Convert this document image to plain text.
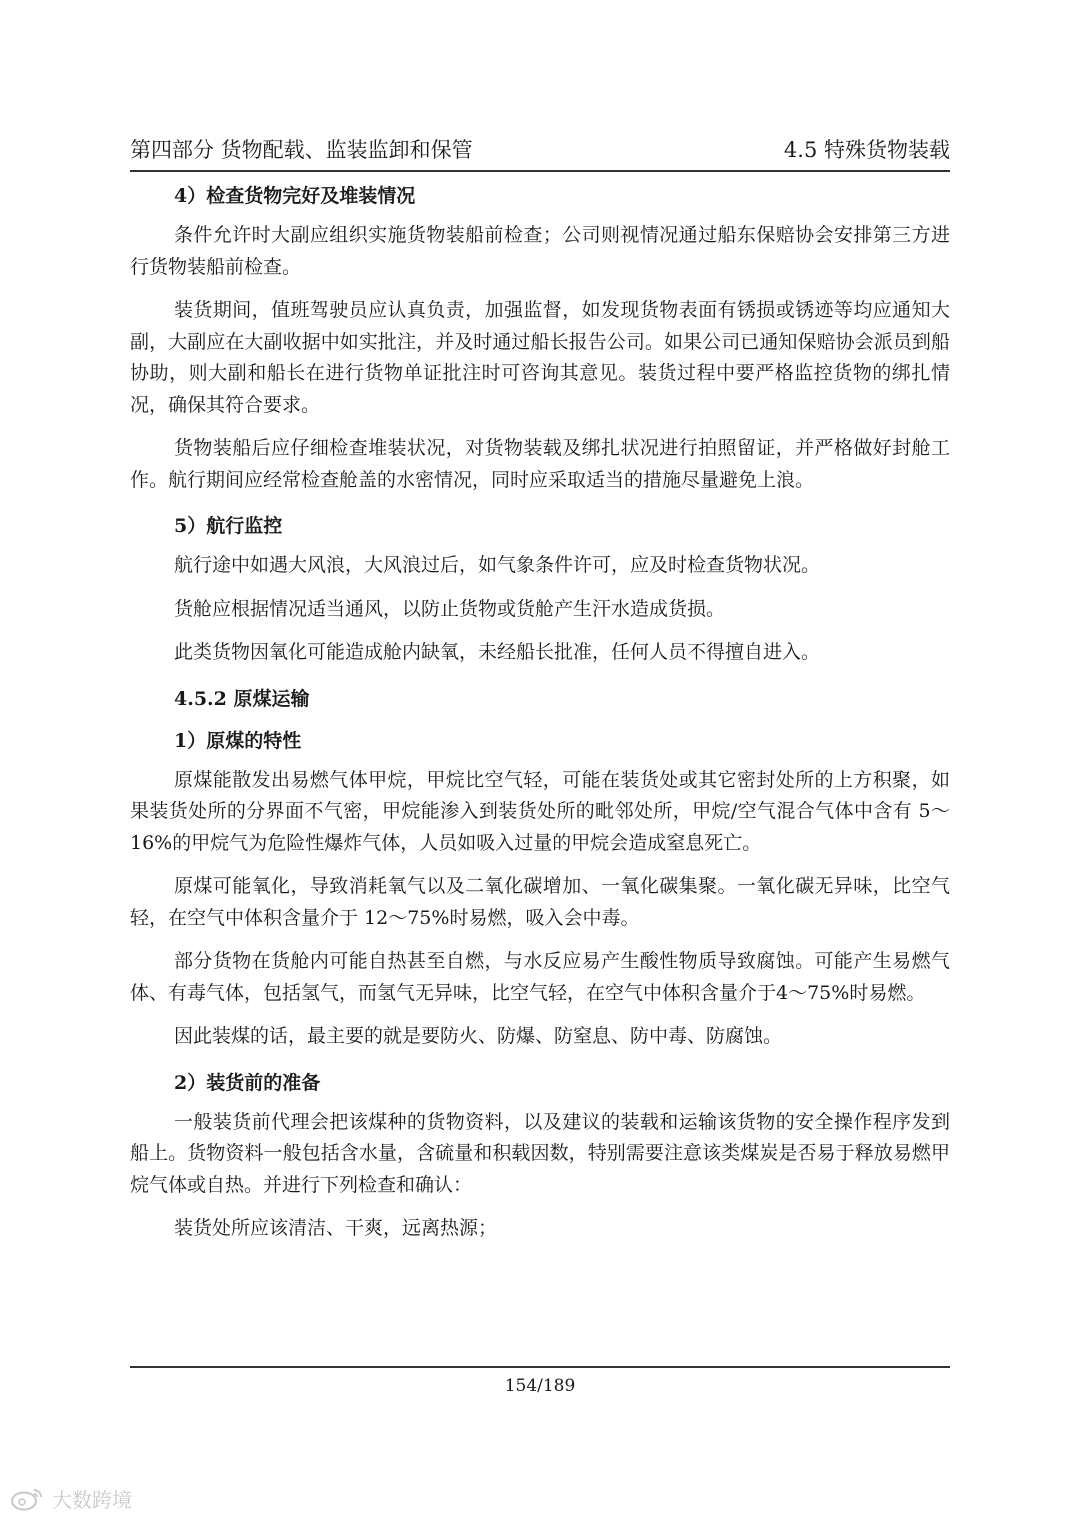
第四部分 货物配载、监装监卸和保管	4.5 特殊货物装载
4）检查货物完好及堆装情况

条件允许时大副应组织实施货物装船前检查；公司则视情况通过船东保赔协会安排第三方进行货物装船前检查。

装货期间，值班驾驶员应认真负责，加强监督，如发现货物表面有锈损或锈迹等均应通知大副，大副应在大副收据中如实批注，并及时通过船长报告公司。如果公司已通知保赔协会派员到船协助，则大副和船长在进行货物单证批注时可咨询其意见。装货过程中要严格监控货物的绑扎情况，确保其符合要求。

货物装船后应仔细检查堆装状况，对货物装载及绑扎状况进行拍照留证，并严格做好封舱工作。航行期间应经常检查舱盖的水密情况，同时应采取适当的措施尽量避免上浪。

5）航行监控

航行途中如遇大风浪，大风浪过后，如气象条件许可，应及时检查货物状况。

货舱应根据情况适当通风，以防止货物或货舱产生汗水造成货损。

此类货物因氧化可能造成舱内缺氧，未经船长批准，任何人员不得擅自进入。

4.5.2 原煤运输
1）原煤的特性

原煤能散发出易燃气体甲烷，甲烷比空气轻，可能在装货处或其它密封处所的上方积聚，如果装货处所的分界面不气密，甲烷能渗入到装货处所的毗邻处所，甲烷/空气混合气体中含有 5～16%的甲烷气为危险性爆炸气体，人员如吸入过量的甲烷会造成窒息死亡。

原煤可能氧化，导致消耗氧气以及二氧化碳增加、一氧化碳集聚。一氧化碳无异味，比空气轻，在空气中体积含量介于 12～75%时易燃，吸入会中毒。

部分货物在货舱内可能自热甚至自燃，与水反应易产生酸性物质导致腐蚀。可能产生易燃气体、有毒气体，包括氢气，而氢气无异味，比空气轻，在空气中体积含量介于4～75%时易燃。

因此装煤的话，最主要的就是要防火、防爆、防窒息、防中毒、防腐蚀。

2）装货前的准备

一般装货前代理会把该煤种的货物资料，以及建议的装载和运输该货物的安全操作程序发到船上。货物资料一般包括含水量，含硫量和积载因数，特别需要注意该类煤炭是否易于释放易燃甲烷气体或自热。并进行下列检查和确认：

装货处所应该清洁、干爽，远离热源；

154/189
大数跨境
